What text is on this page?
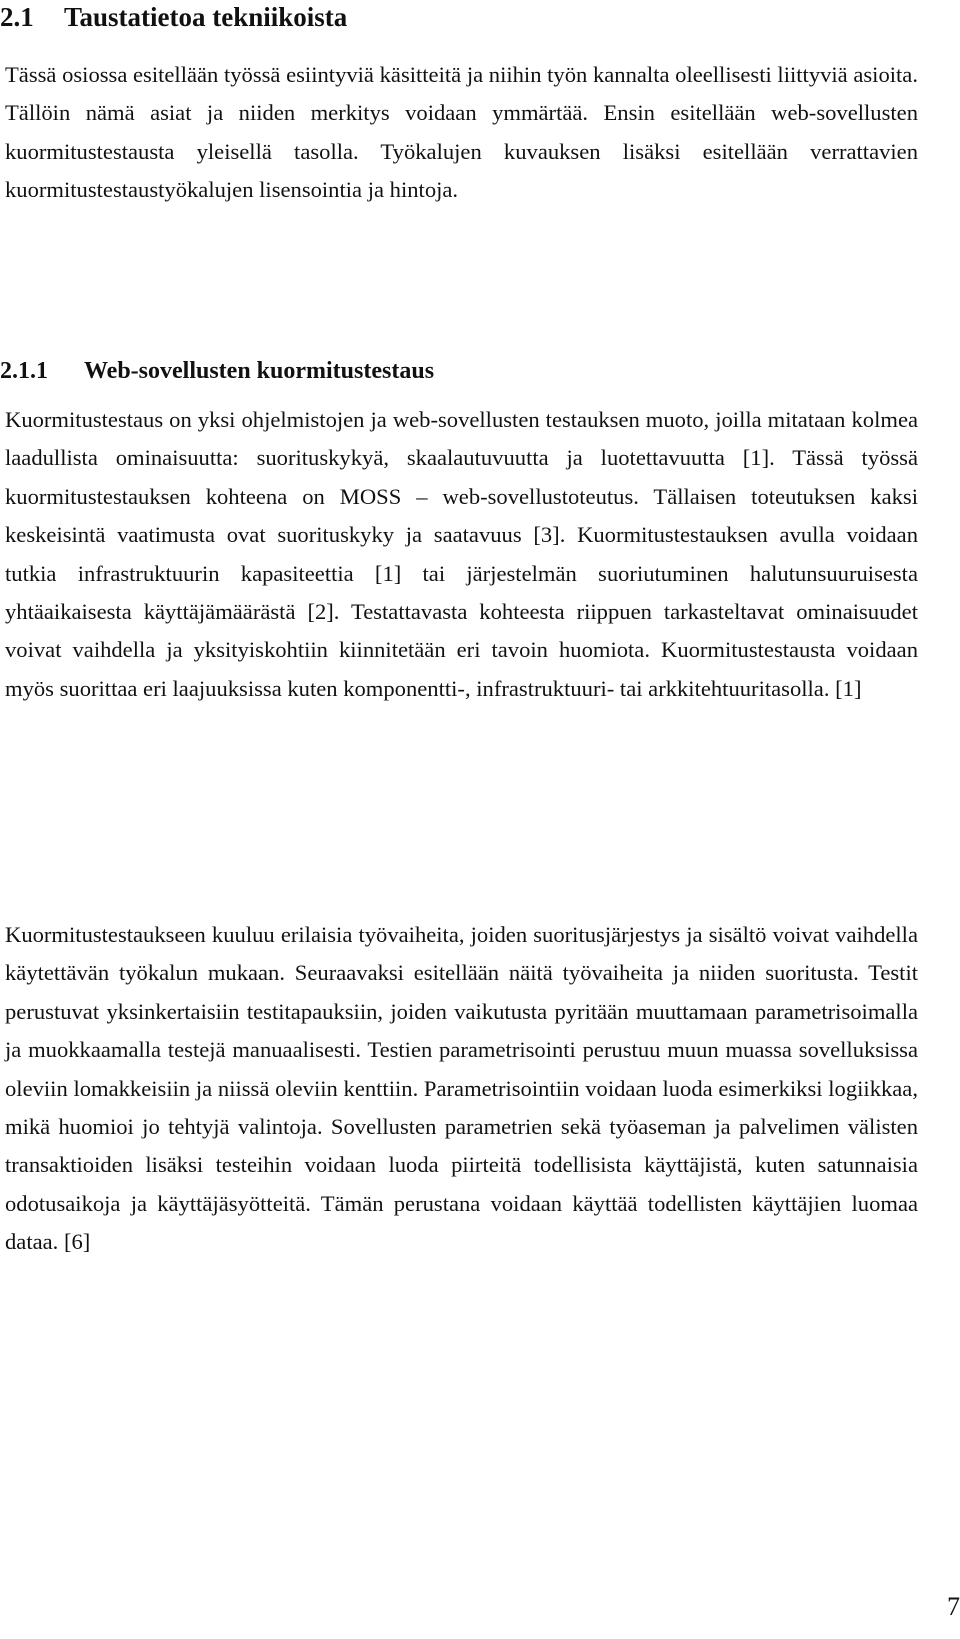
2.1 Taustatietoa tekniikoista

Tässä osiossa esitellään työssä esiintyviä käsitteitä ja niihin työn kannalta oleellisesti liittyviä asioita. Tällöin nämä asiat ja niiden merkitys voidaan ymmärtää. Ensin esitellään web-sovellusten kuormitustestausta yleisellä tasolla. Työkalujen kuvauksen lisäksi esitellään verrattavien kuormitustestaustyökalujen lisensointia ja hintoja.

2.1.1 Web-sovellusten kuormitustestaus

Kuormitustestaus on yksi ohjelmistojen ja web-sovellusten testauksen muoto, joilla mitataan kolmea laadullista ominaisuutta: suorituskykyä, skaalautuvuutta ja luotettavuutta [1]. Tässä työssä kuormitustestauksen kohteena on MOSS – web-sovellustoteutus. Tällaisen toteutuksen kaksi keskeisintä vaatimusta ovat suorituskyky ja saatavuus [3]. Kuormitustestauksen avulla voidaan tutkia infrastruktuurin kapasiteettia [1] tai järjestelmän suoriutuminen halutunsuuruisesta yhtäaikaisesta käyttäjämäärästä [2]. Testattavasta kohteesta riippuen tarkasteltavat ominaisuudet voivat vaihdella ja yksityiskohtiin kiinnitetään eri tavoin huomiota. Kuormitustestausta voidaan myös suorittaa eri laajuuksissa kuten komponentti-, infrastruktuuri- tai arkkitehtuuritasolla. [1]

Kuormitustestaukseen kuuluu erilaisia työvaiheita, joiden suoritusjärjestys ja sisältö voivat vaihdella käytettävän työkalun mukaan. Seuraavaksi esitellään näitä työvaiheita ja niiden suoritusta. Testit perustuvat yksinkertaisiin testitapauksiin, joiden vaikutusta pyritään muuttamaan parametrisoimalla ja muokkaamalla testejä manuaalisesti. Testien parametrisointi perustuu muun muassa sovelluksissa oleviin lomakkeisiin ja niissä oleviin kenttiin. Parametrisointiin voidaan luoda esimerkiksi logiikkaa, mikä huomioi jo tehtyjä valintoja. Sovellusten parametrien sekä työaseman ja palvelimen välisten transaktioiden lisäksi testeihin voidaan luoda piirteitä todellisista käyttäjistä, kuten satunnaisia odotusaikoja ja käyttäjäsyötteitä. Tämän perustana voidaan käyttää todellisten käyttäjien luomaa dataa. [6]

7
